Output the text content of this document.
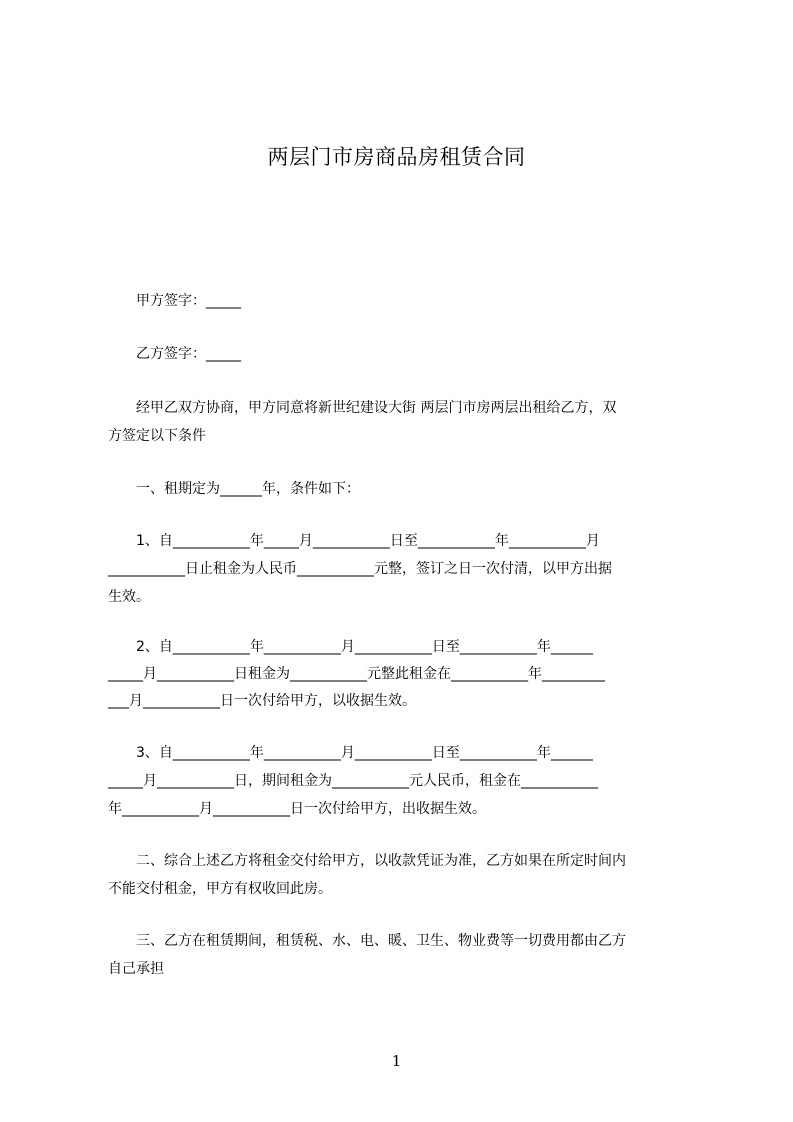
两层门市房商品房租赁合同
甲方签字：_____
乙方签字：_____
经甲乙双方协商，甲方同意将新世纪建设大街 两层门市房两层出租给乙方，双
方签定以下条件
一、租期定为______年，条件如下：
1、自___________年_____月___________日至___________年___________月
___________日止租金为人民币___________元整，签订之日一次付清，以甲方出据
生效。
2、自___________年___________月___________日至___________年______
_____月___________日租金为___________元整此租金在___________年_________
___月___________日一次付给甲方，以收据生效。
3、自___________年___________月___________日至___________年______
_____月___________日，期间租金为___________元人民币，租金在___________
年___________月___________日一次付给甲方，出收据生效。
二、综合上述乙方将租金交付给甲方，以收款凭证为准，乙方如果在所定时间内
不能交付租金，甲方有权收回此房。
三、乙方在租赁期间，租赁税、水、电、暖、卫生、物业费等一切费用都由乙方
自己承担
1
